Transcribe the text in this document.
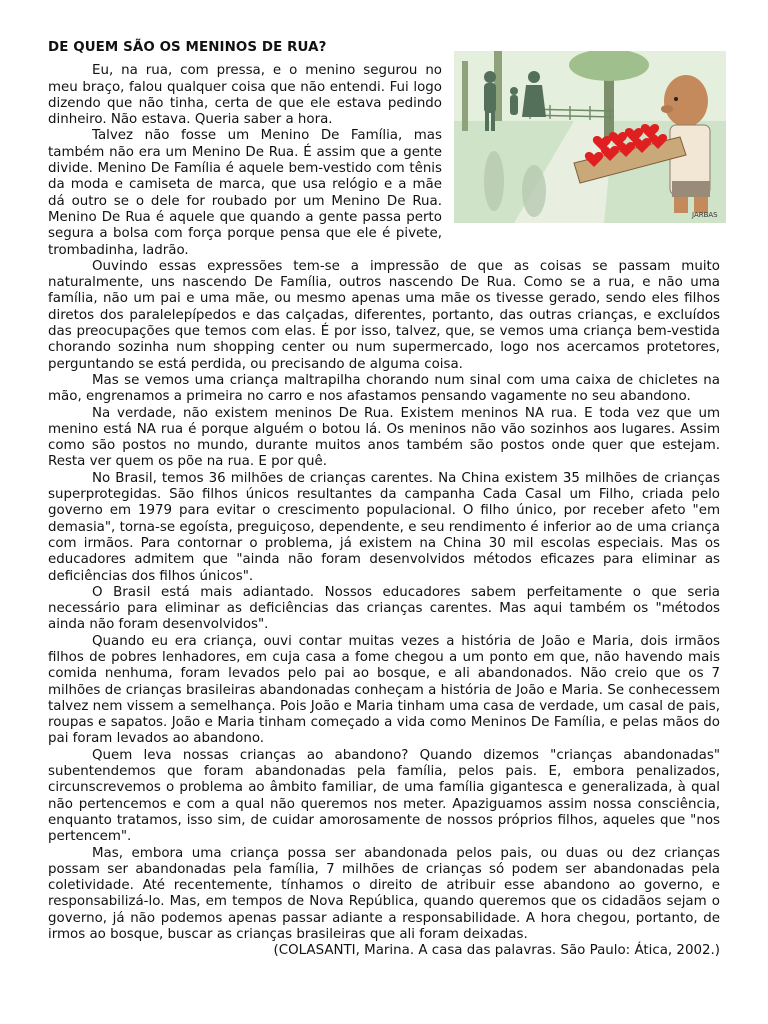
DE QUEM SÃO OS MENINOS DE RUA?
JARBAS

Eu, na rua, com pressa, e o menino segurou no meu braço, falou qualquer coisa que não entendi. Fui logo dizendo que não tinha, certa de que ele estava pedindo dinheiro. Não estava. Queria saber a hora.

Talvez não fosse um Menino De Família, mas também não era um Menino De Rua. É assim que a gente divide. Menino De Família é aquele bem-vestido com tênis da moda e camiseta de marca, que usa relógio e a mãe dá outro se o dele for roubado por um Menino De Rua. Menino De Rua é aquele que quando a gente passa perto segura a bolsa com força porque pensa que ele é pivete, trombadinha, ladrão.

Ouvindo essas expressões tem-se a impressão de que as coisas se passam muito naturalmente, uns nascendo De Família, outros nascendo De Rua. Como se a rua, e não uma família, não um pai e uma mãe, ou mesmo apenas uma mãe os tivesse gerado, sendo eles filhos diretos dos paralelepípedos e das calçadas, diferentes, portanto, das outras crianças, e excluídos das preocupações que temos com elas. É por isso, talvez, que, se vemos uma criança bem-vestida chorando sozinha num shopping center ou num supermercado, logo nos acercamos protetores, perguntando se está perdida, ou precisando de alguma coisa.

Mas se vemos uma criança maltrapilha chorando num sinal com uma caixa de chicletes na mão, engrenamos a primeira no carro e nos afastamos pensando vagamente no seu abandono.

Na verdade, não existem meninos De Rua. Existem meninos NA rua. E toda vez que um menino está NA rua é porque alguém o botou lá. Os meninos não vão sozinhos aos lugares. Assim como são postos no mundo, durante muitos anos também são postos onde quer que estejam. Resta ver quem os põe na rua. E por quê.

No Brasil, temos 36 milhões de crianças carentes. Na China existem 35 milhões de crianças superprotegidas. São filhos únicos resultantes da campanha Cada Casal um Filho, criada pelo governo em 1979 para evitar o crescimento populacional. O filho único, por receber afeto "em demasia", torna-se egoísta, preguiçoso, dependente, e seu rendimento é inferior ao de uma criança com irmãos. Para contornar o problema, já existem na China 30 mil escolas especiais. Mas os educadores admitem que "ainda não foram desenvolvidos métodos eficazes para eliminar as deficiências dos filhos únicos".

O Brasil está mais adiantado. Nossos educadores sabem perfeitamente o que seria necessário para eliminar as deficiências das crianças carentes. Mas aqui também os "métodos ainda não foram desenvolvidos".

Quando eu era criança, ouvi contar muitas vezes a história de João e Maria, dois irmãos filhos de pobres lenhadores, em cuja casa a fome chegou a um ponto em que, não havendo mais comida nenhuma, foram levados pelo pai ao bosque, e ali abandonados. Não creio que os 7 milhões de crianças brasileiras abandonadas conheçam a história de João e Maria. Se conhecessem talvez nem vissem a semelhança. Pois João e Maria tinham uma casa de verdade, um casal de pais, roupas e sapatos. João e Maria tinham começado a vida como Meninos De Família, e pelas mãos do pai foram levados ao abandono.

Quem leva nossas crianças ao abandono? Quando dizemos "crianças abandonadas" subentendemos que foram abandonadas pela família, pelos pais. E, embora penalizados, circunscrevemos o problema ao âmbito familiar, de uma família gigantesca e generalizada, à qual não pertencemos e com a qual não queremos nos meter. Apaziguamos assim nossa consciência, enquanto tratamos, isso sim, de cuidar amorosamente de nossos próprios filhos, aqueles que "nos pertencem".

Mas, embora uma criança possa ser abandonada pelos pais, ou duas ou dez crianças possam ser abandonadas pela família, 7 milhões de crianças só podem ser abandonadas pela coletividade. Até recentemente, tínhamos o direito de atribuir esse abandono ao governo, e responsabilizá-lo. Mas, em tempos de Nova República, quando queremos que os cidadãos sejam o governo, já não podemos apenas passar adiante a responsabilidade. A hora chegou, portanto, de irmos ao bosque, buscar as crianças brasileiras que ali foram deixadas.

(COLASANTI, Marina. A casa das palavras. São Paulo: Ática, 2002.)
